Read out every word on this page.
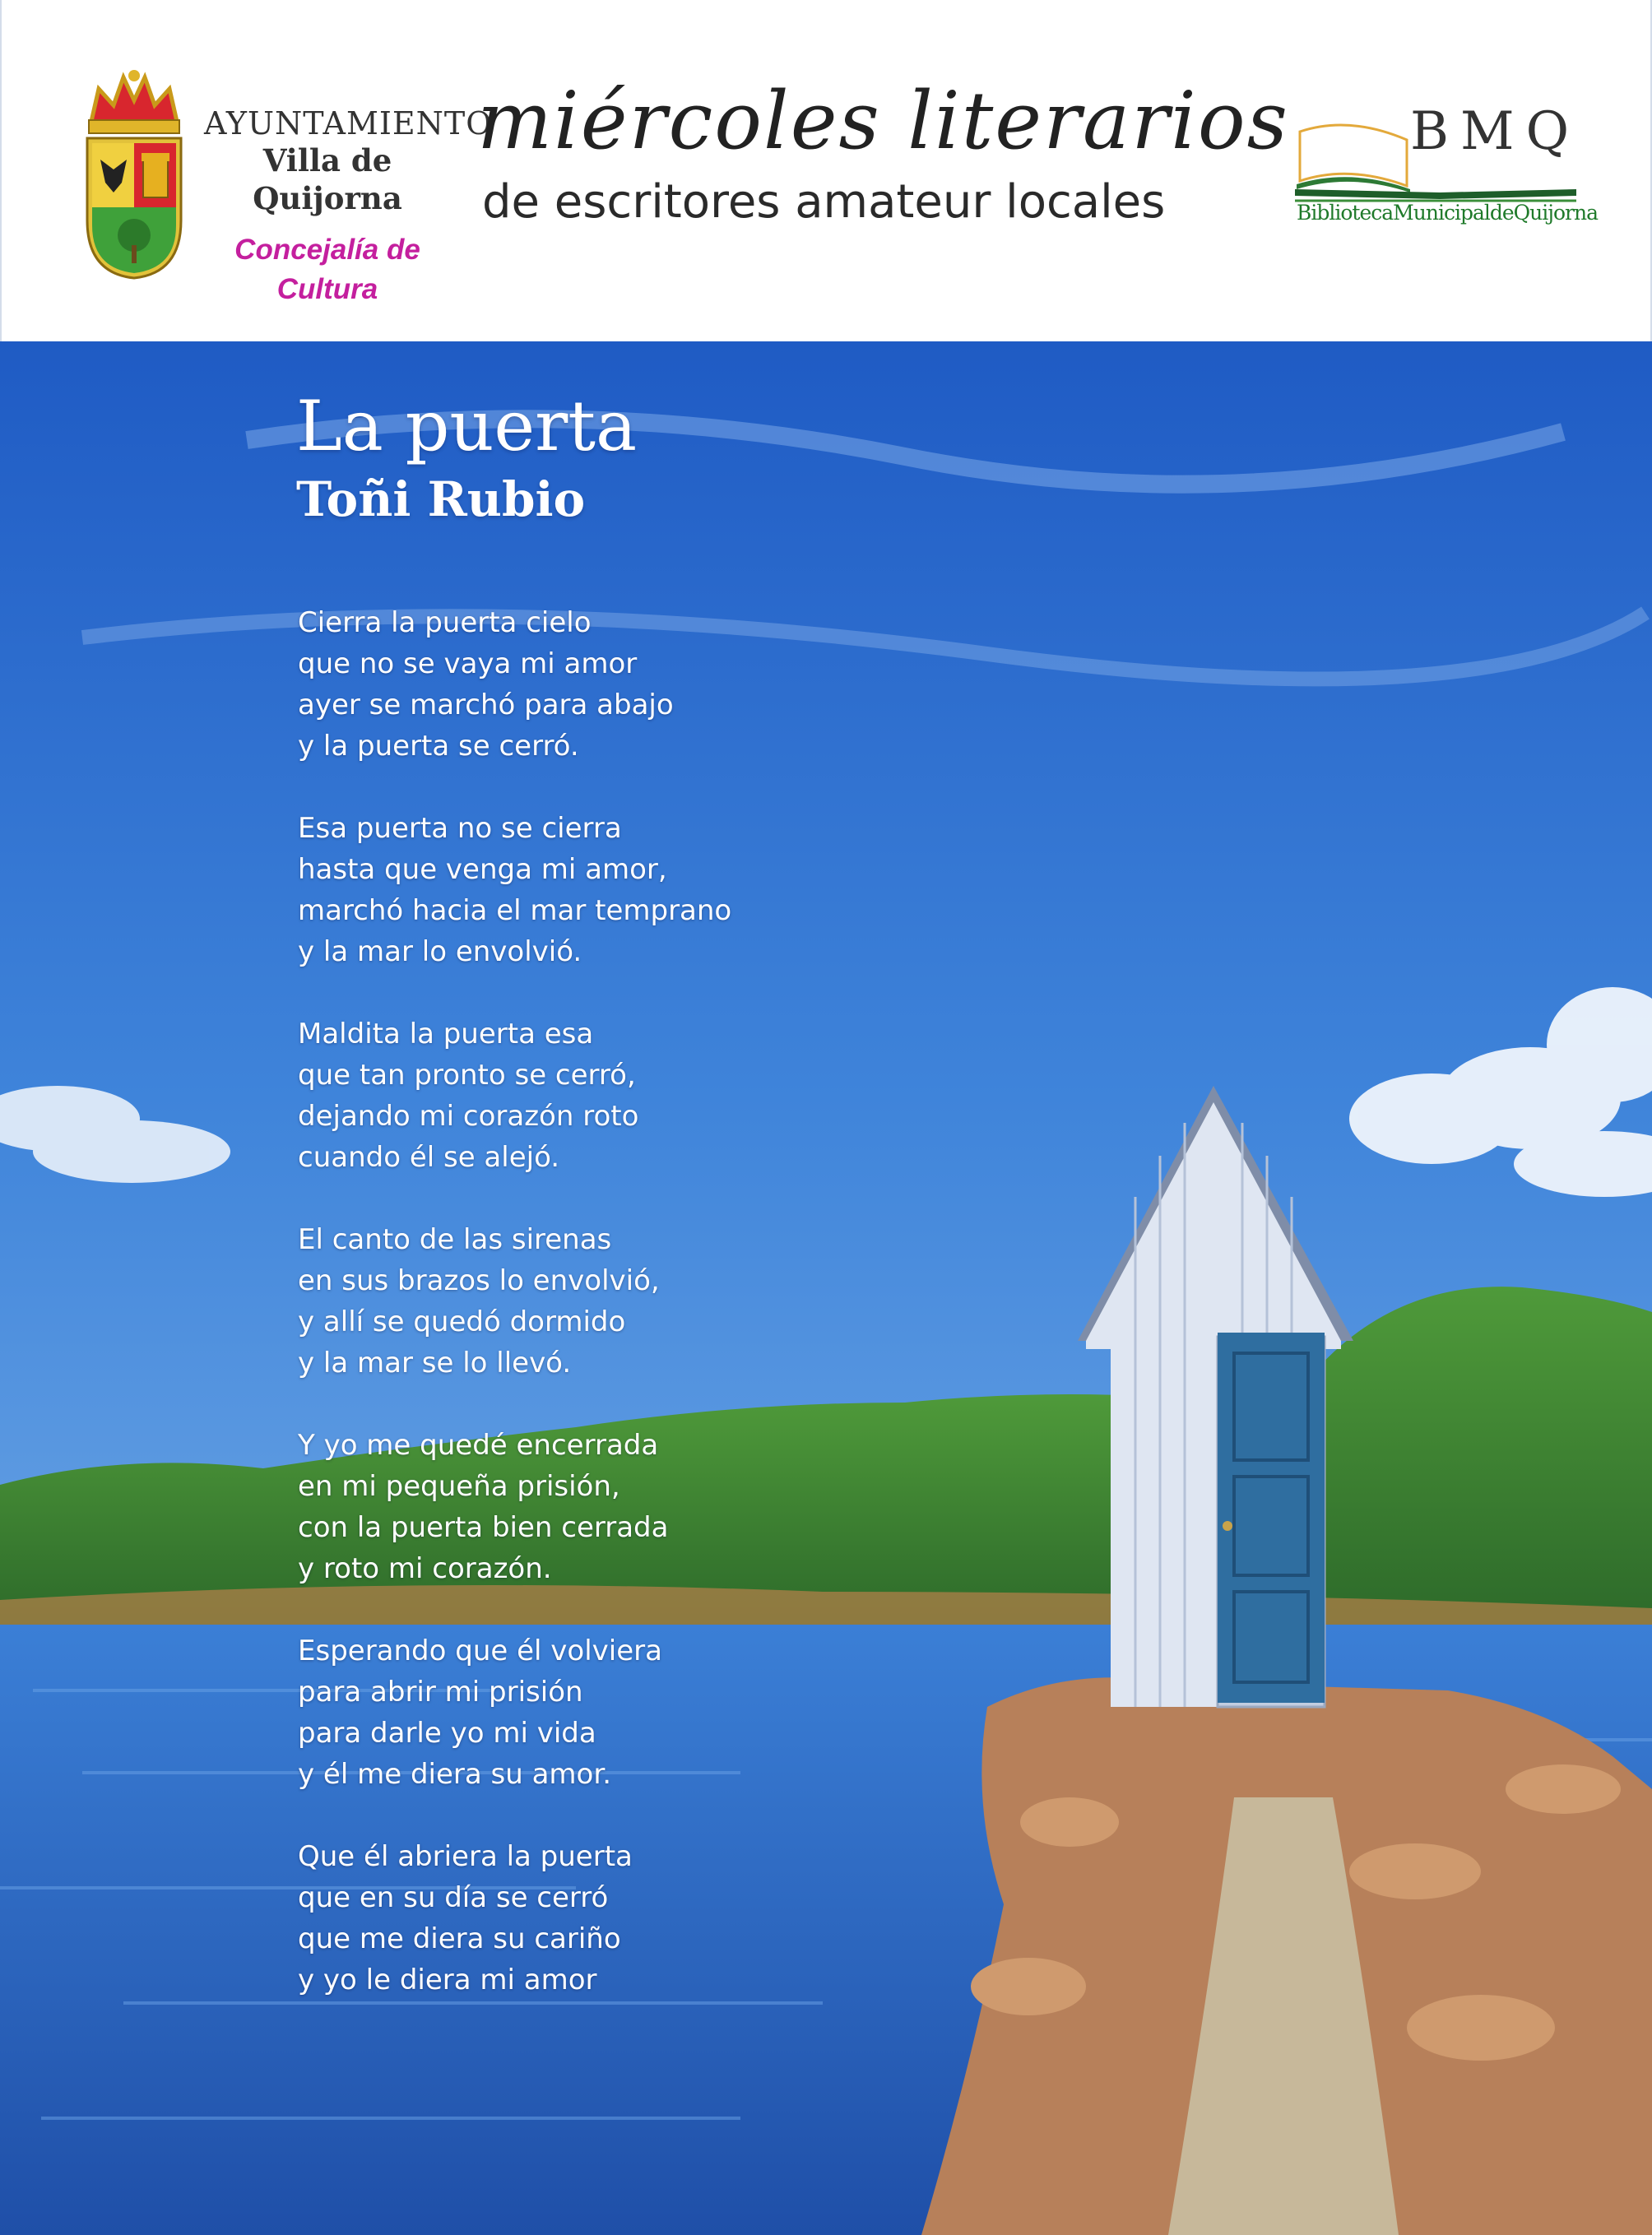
AYUNTAMIENTO
Villa de Quijorna
Concejalía de
Cultura
miércoles literarios
de escritores amateur locales
BMQ
BibliotecaMunicipaldeQuijorna
La puerta
Toñi Rubio
Cierra la puerta cielo
que no se vaya mi amor
ayer se marchó para abajo
y la puerta se cerró.
Esa puerta no se cierra
hasta que venga mi amor,
marchó hacia el mar temprano
y la mar lo envolvió.
Maldita la puerta esa
que tan pronto se cerró,
dejando mi corazón roto
cuando él se alejó.
El canto de las sirenas
en sus brazos lo envolvió,
y allí se quedó dormido
y la mar se lo llevó.
Y yo me quedé encerrada
en mi pequeña prisión,
con la puerta bien cerrada
y roto mi corazón.
Esperando que él volviera
para abrir mi prisión
para darle yo mi vida
y él me diera su amor.
Que él abriera la puerta
que en su día se cerró
que me diera su cariño
y yo le diera mi amor
